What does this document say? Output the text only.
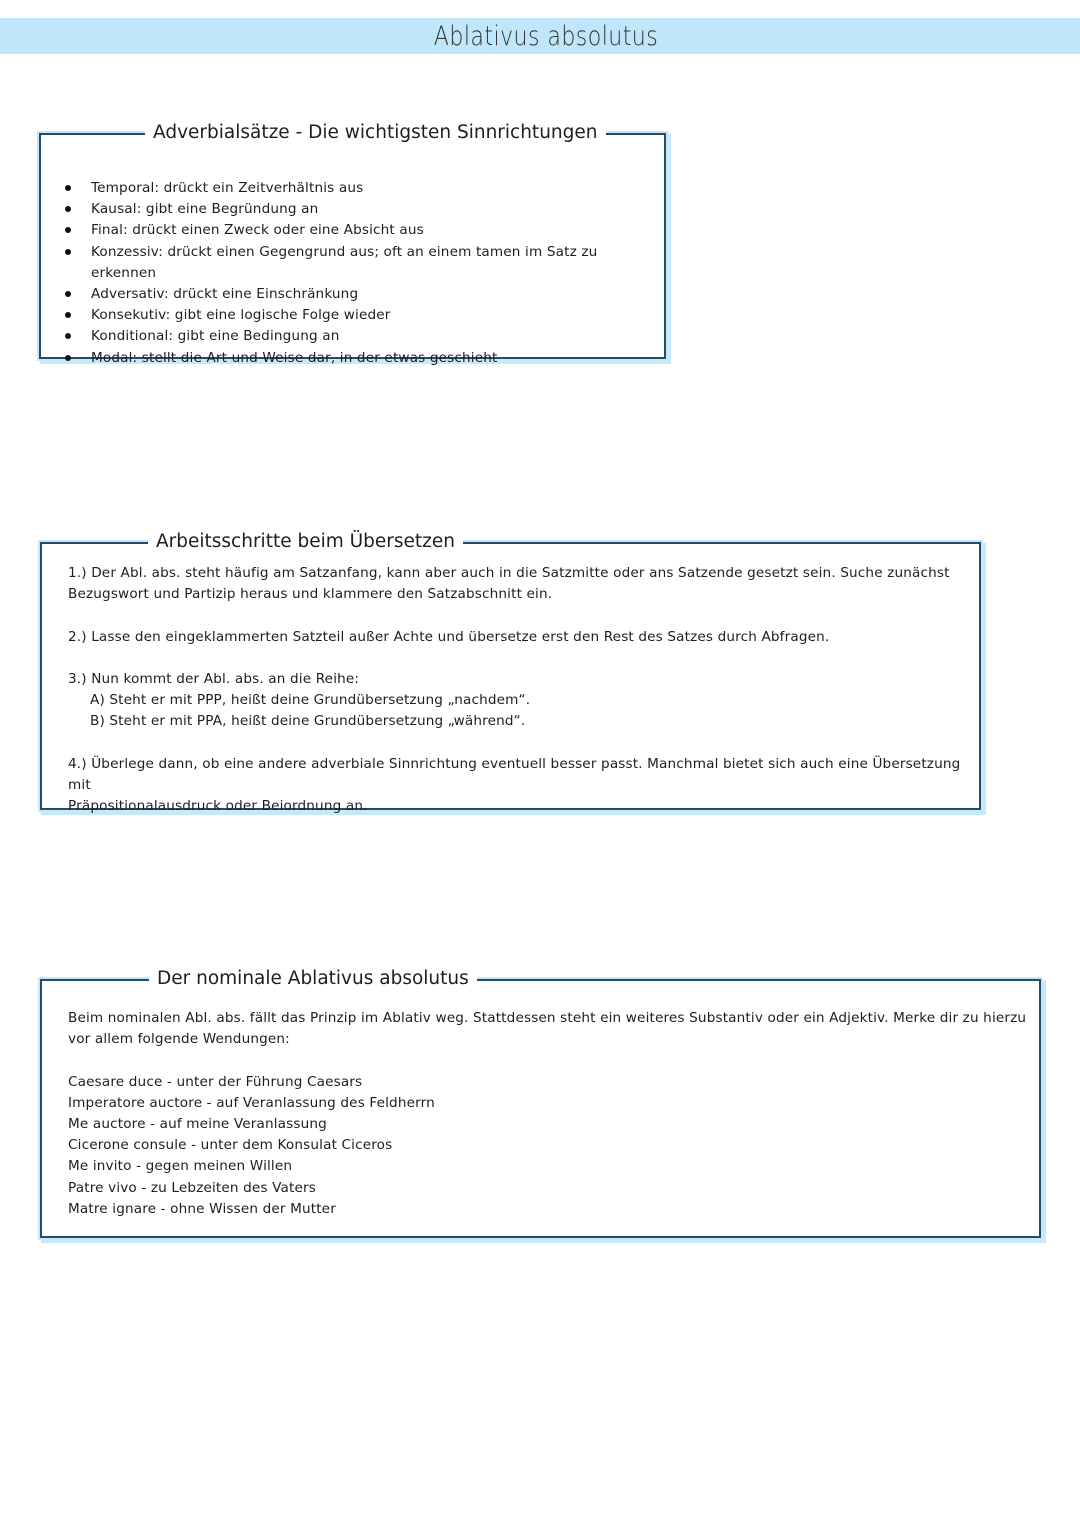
Ablativus absolutus
Adverbialsätze - Die wichtigsten Sinnrichtungen
Temporal: drückt ein Zeitverhältnis aus
Kausal: gibt eine Begründung an
Final: drückt einen Zweck oder eine Absicht aus
Konzessiv: drückt einen Gegengrund aus; oft an einem tamen im Satz zu erkennen
Adversativ: drückt eine Einschränkung
Konsekutiv: gibt eine logische Folge wieder
Konditional: gibt eine Bedingung an
Modal: stellt die Art und Weise dar, in der etwas geschieht
Arbeitsschritte beim Übersetzen
1.) Der Abl. abs. steht häufig am Satzanfang, kann aber auch in die Satzmitte oder ans Satzende gesetzt sein. Suche zunächst
Bezugswort und Partizip heraus und klammere den Satzabschnitt ein.
2.) Lasse den eingeklammerten Satzteil außer Achte und übersetze erst den Rest des Satzes durch Abfragen.
3.) Nun kommt der Abl. abs. an die Reihe:
A) Steht er mit PPP, heißt deine Grundübersetzung „nachdem“.
B) Steht er mit PPA, heißt deine Grundübersetzung „während“.
4.) Überlege dann, ob eine andere adverbiale Sinnrichtung eventuell besser passt. Manchmal bietet sich auch eine Übersetzung mit
Präpositionalausdruck oder Beiordnung an.
Der nominale Ablativus absolutus
Beim nominalen Abl. abs. fällt das Prinzip im Ablativ weg. Stattdessen steht ein weiteres Substantiv oder ein Adjektiv. Merke dir zu hierzu
vor allem folgende Wendungen:
Caesare duce - unter der Führung Caesars
Imperatore auctore - auf Veranlassung des Feldherrn
Me auctore - auf meine Veranlassung
Cicerone consule - unter dem Konsulat Ciceros
Me invito - gegen meinen Willen
Patre vivo - zu Lebzeiten des Vaters
Matre ignare - ohne Wissen der Mutter
